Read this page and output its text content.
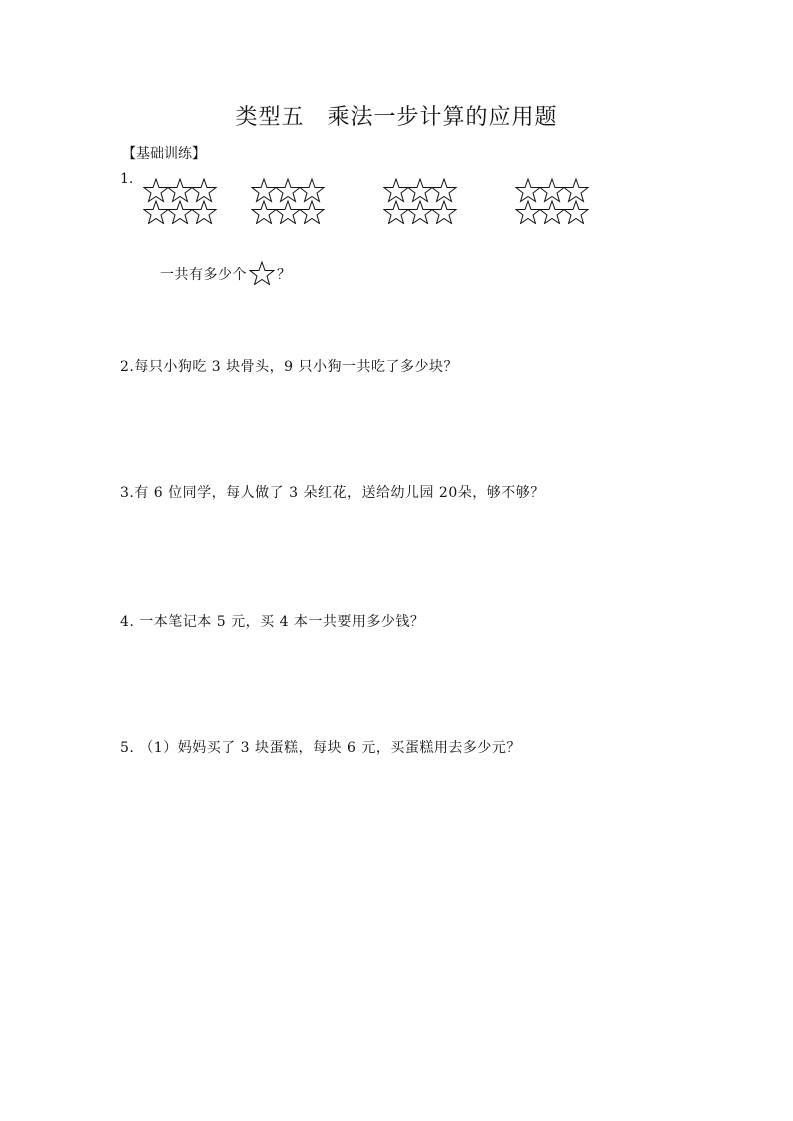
类型五　乘法一步计算的应用题
【基础训练】
1.
一共有多少个 ？
2.每只小狗吃 3 块骨头，9 只小狗一共吃了多少块？
3.有 6 位同学，每人做了 3 朵红花，送给幼儿园 20朵，够不够？
4. 一本笔记本 5 元，买 4 本一共要用多少钱？
5. （1）妈妈买了 3 块蛋糕，每块 6 元，买蛋糕用去多少元？
